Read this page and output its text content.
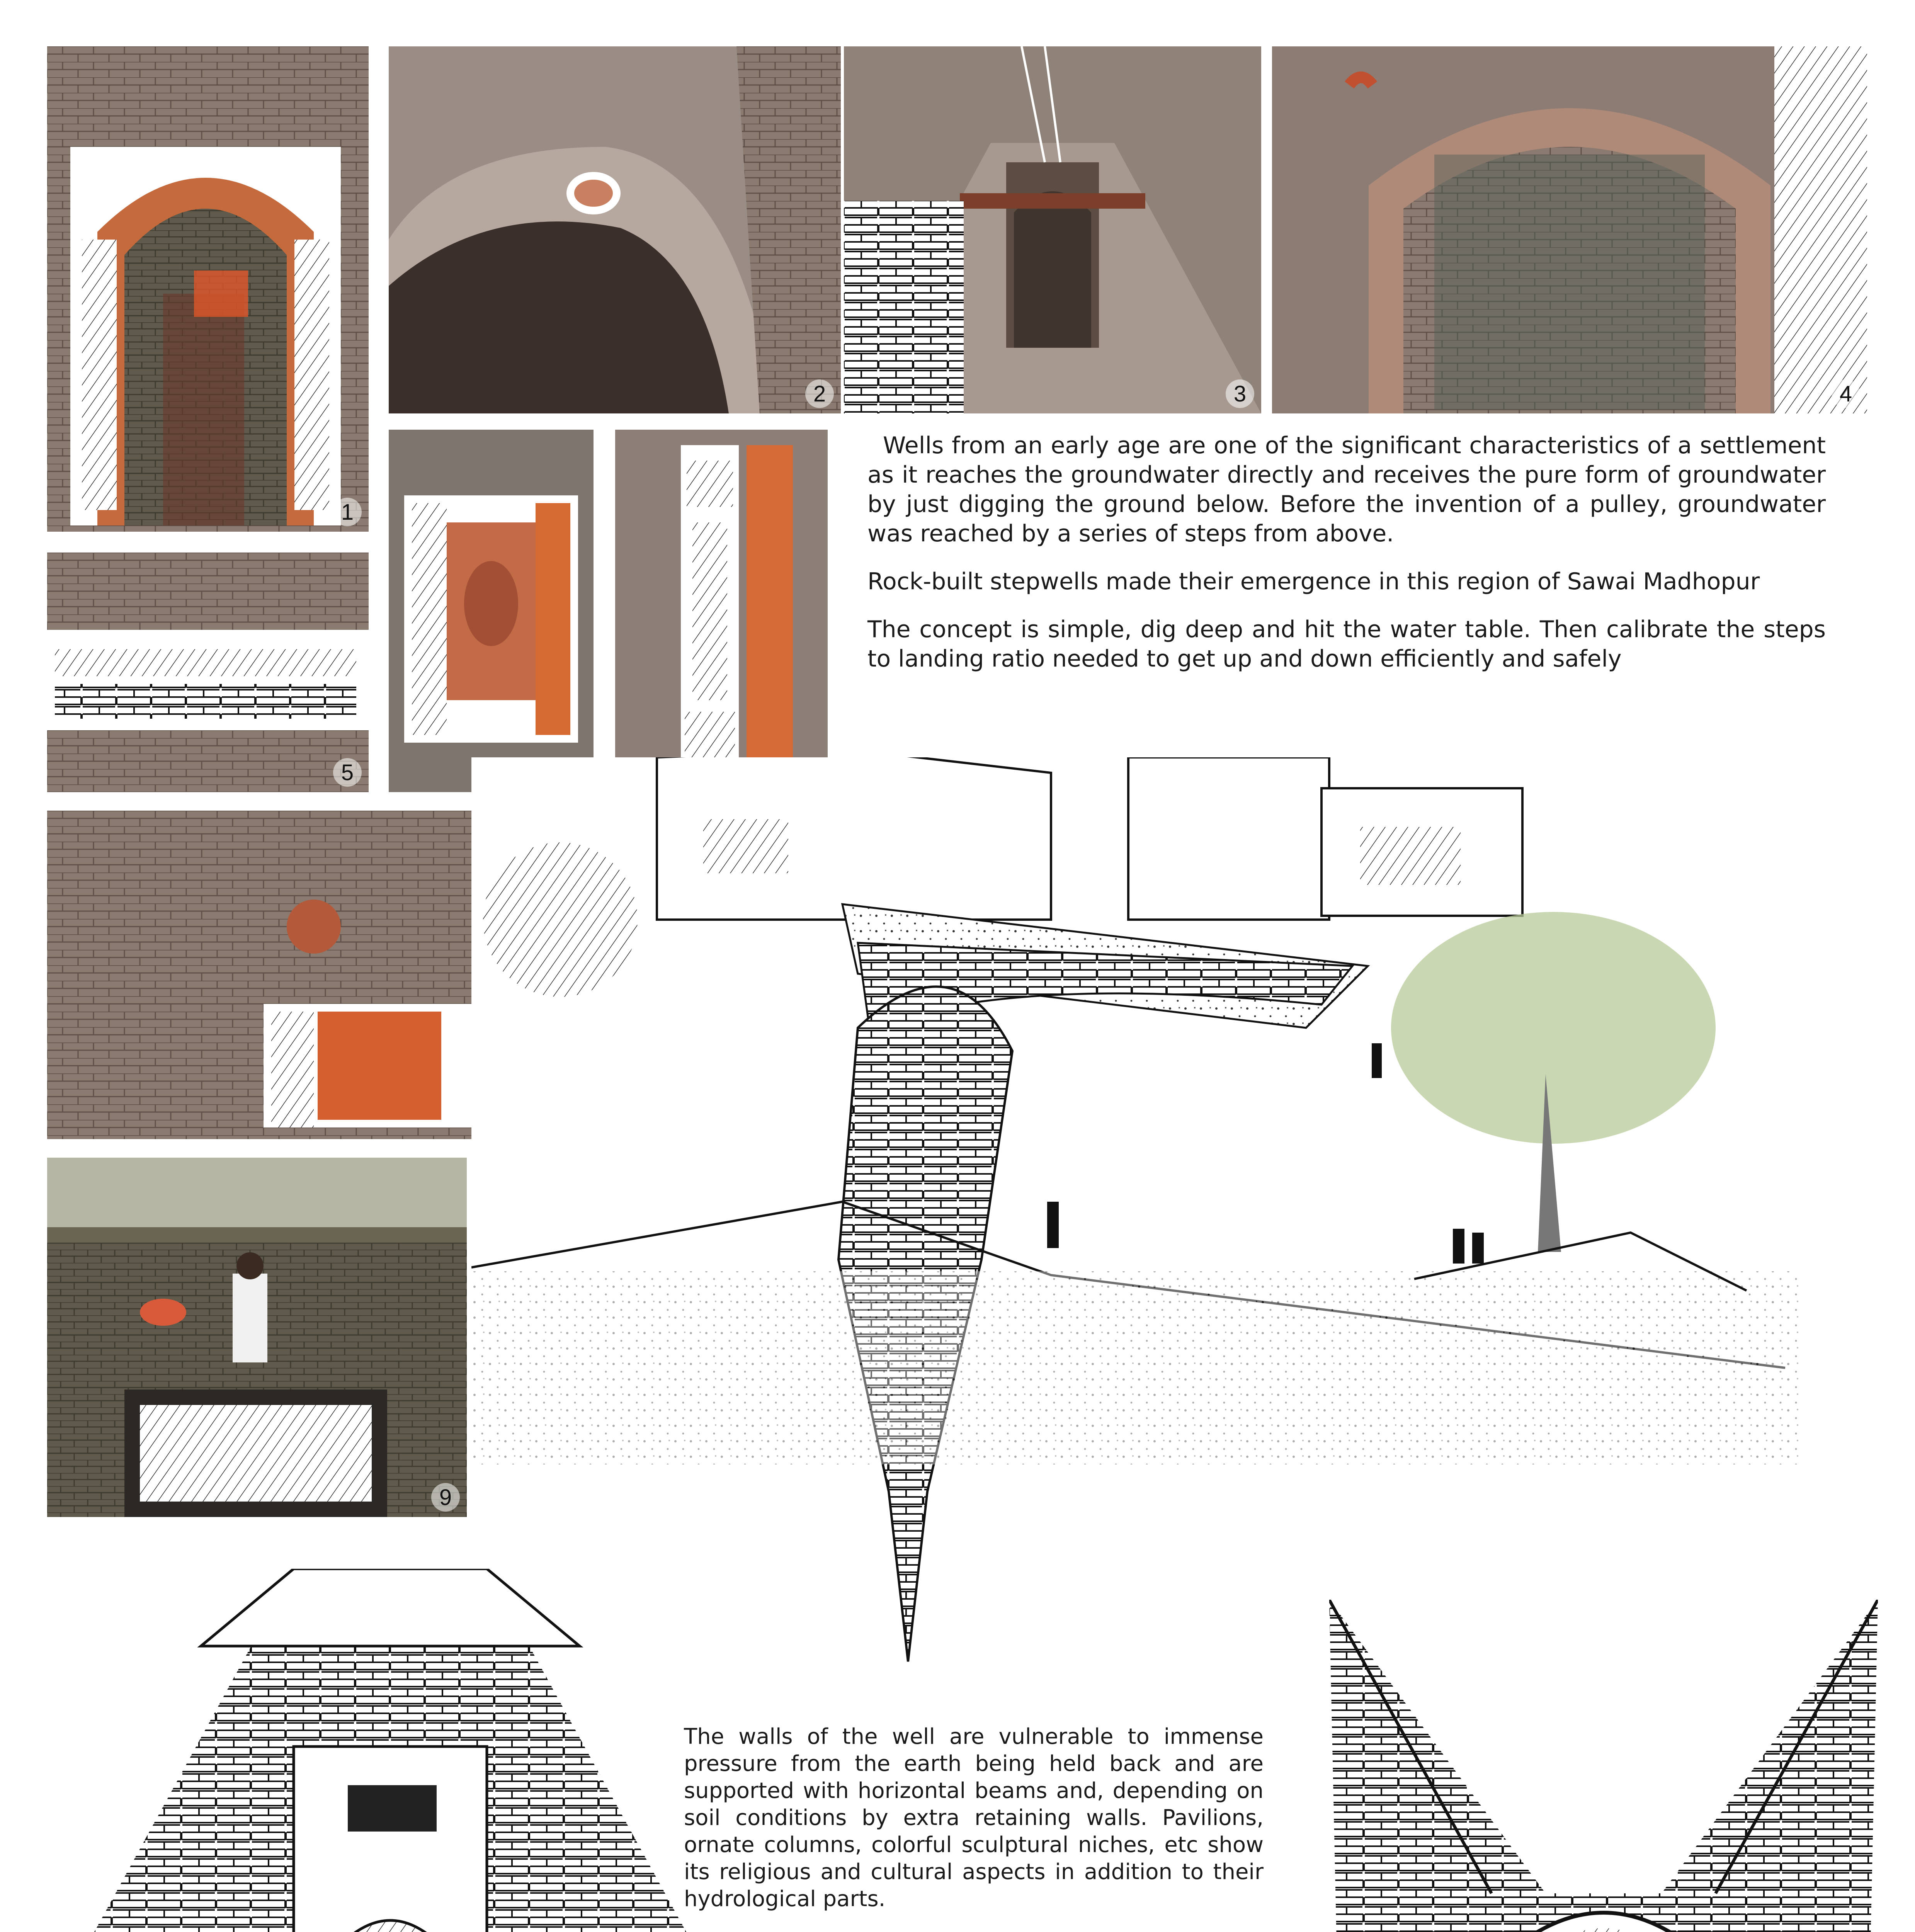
1
2	3	4
5
9

Wells from an early age are one of the significant characteristics of a settlement as it reaches the groundwater directly and receives the pure form of groundwater by just digging the ground below. Before the invention of a pulley, groundwater was reached by a series of steps from above.

Rock-built stepwells made their emergence in this region of Sawai Madhopur

The concept is simple, dig deep and hit the water table. Then calibrate the steps to landing ratio needed to get up and down efficiently and safely

The walls of the well are vulnerable to immense pressure from the earth being held back and are supported with horizontal beams and, depending on soil conditions by extra retaining walls. Pavilions, ornate columns, colorful sculptural niches, etc show its religious and cultural aspects in addition to their hydrological parts.
